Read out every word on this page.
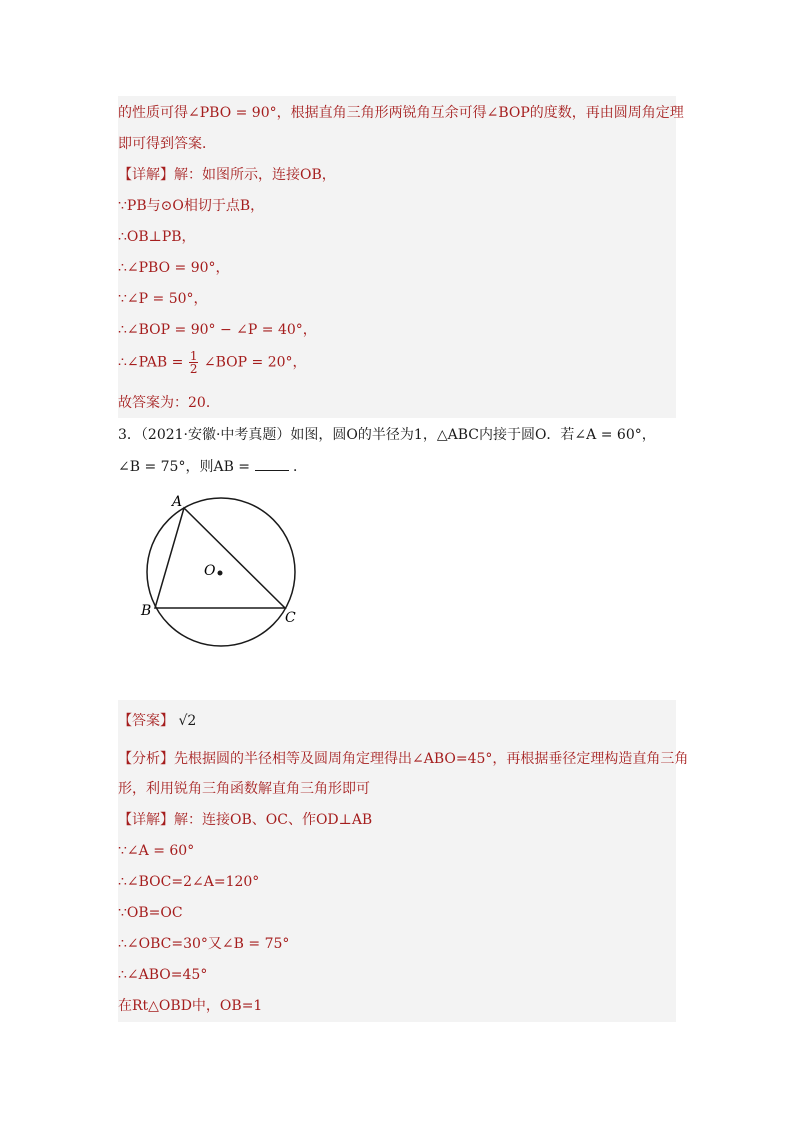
的性质可得∠PBO = 90°，根据直角三角形两锐角互余可得∠BOP的度数，再由圆周角定理
即可得到答案．
【详解】解：如图所示，连接OB，
∵PB与⊙O相切于点B，
∴OB⊥PB，
∴∠PBO = 90°，
∵∠P = 50°，
∴∠BOP = 90° − ∠P = 40°，
∴∠PAB = $\frac{1}{2}$ ∠BOP = 20°，
故答案为：20．
3．（2021·安徽·中考真题）如图，圆O的半径为1，△ABC内接于圆O．若∠A = 60°，
∠B = 75°，则AB =	．
A
B	C
O
【答案】 √2
【分析】先根据圆的半径相等及圆周角定理得出∠ABO=45°，再根据垂径定理构造直角三角
形，利用锐角三角函数解直角三角形即可
【详解】解：连接OB、OC、作OD⊥AB
∵∠A = 60°
∴∠BOC=2∠A=120°
∵OB=OC
∴∠OBC=30°又∠B = 75°
∴∠ABO=45°
在Rt△OBD中，OB=1
